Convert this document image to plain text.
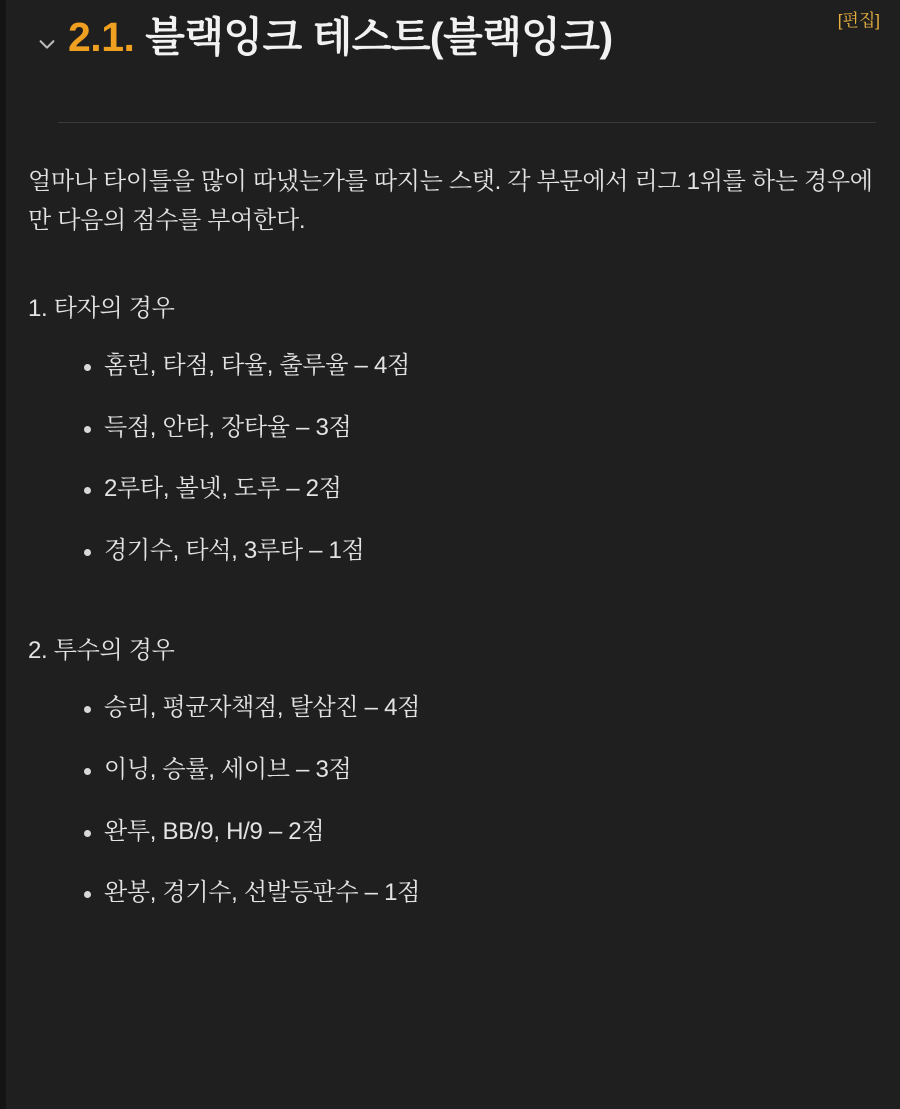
2.1. 블랙잉크 테스트(블랙잉크)	[편집]

얼마나 타이틀을 많이 따냈는가를 따지는 스탯. 각 부문에서 리그 1위를 하는 경우에만 다음의 점수를 부여한다.

1. 타자의 경우

홈런, 타점, 타율, 출루율 – 4점
득점, 안타, 장타율 – 3점
2루타, 볼넷, 도루 – 2점
경기수, 타석, 3루타 – 1점

2. 투수의 경우

승리, 평균자책점, 탈삼진 – 4점
이닝, 승률, 세이브 – 3점
완투, BB/9, H/9 – 2점
완봉, 경기수, 선발등판수 – 1점
